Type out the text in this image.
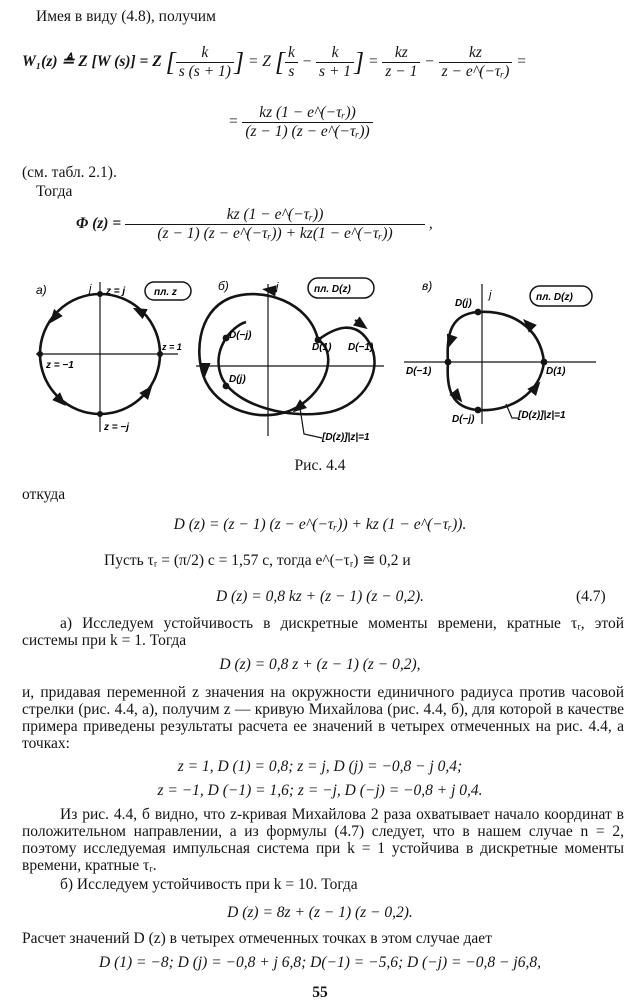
Имея в виду (4.8), получим
W₁(z) ≜ Z [W (s)] = Z [ $\frac{k}{s (s + 1)}$ ] = Z [ $\frac{k}{s} - \frac{k}{s + 1}$ ] = $\frac{kz}{z - 1} - \frac{kz}{\text{z − e\textasciicircum{}(−τᵣ)}}$ =
= $\frac{\text{kz (1 − e\textasciicircum{}(−τᵣ))}}{\text{(z − 1) (z − e\textasciicircum{}(−τᵣ))}}$
(см. табл. 2.1).
Тогда
Φ $(z) = \frac{\text{kz (1 − e\textasciicircum{}(−τᵣ))}}{\text{(z − 1) (z − e\textasciicircum{}(−τᵣ)) + kz(1 − e\textasciicircum{}(−τᵣ))}}$ ,
а)	j z = j
z = 1
z = −1
z = −j
пл. z	б)	j
D(−j)
D(j)
D(1) D(−1)
пл. D(z)
[D(z)]|z|=1
в)
j
D(j)
D(−1)	D(1)
D(−j)
пл. D(z)
[D(z)]|z|=1
Рис. 4.4
откуда
D (z) = (z − 1) (z − e^(−τᵣ)) + kz (1 − e^(−τᵣ)).
Пусть τᵣ = (π/2) c = 1,57 с, тогда e^(−τᵣ) ≅ 0,2 и
D (z) = 0,8 kz + (z − 1) (z − 0,2).	(4.7)
а) Исследуем устойчивость в дискретные моменты времени, кратные τᵣ, этой системы при k = 1. Тогда
D (z) = 0,8 z + (z − 1) (z − 0,2),
и, придавая переменной z значения на окружности единичного радиуса против часовой стрелки (рис. 4.4, а), получим z — кривую Михайлова (рис. 4.4, б), для которой в качестве примера приведены результаты расчета ее значений в четырех отмеченных на рис. 4.4, а точках:
z = 1, D (1) = 0,8; z = j, D (j) = −0,8 − j 0,4;
z = −1, D (−1) = 1,6; z = −j, D (−j) = −0,8 + j 0,4.
Из рис. 4.4, б видно, что z-кривая Михайлова 2 раза охватывает начало координат в положительном направлении, а из формулы (4.7) следует, что в нашем случае n = 2, поэтому исследуемая импульсная система при k = 1 устойчива в дискретные моменты времени, кратные τᵣ.
б) Исследуем устойчивость при k = 10. Тогда
D (z) = 8z + (z − 1) (z − 0,2).
Расчет значений D (z) в четырех отмеченных точках в этом случае дает
D (1) = −8; D (j) = −0,8 + j 6,8; D(−1) = −5,6; D (−j) = −0,8 − j6,8,
55
